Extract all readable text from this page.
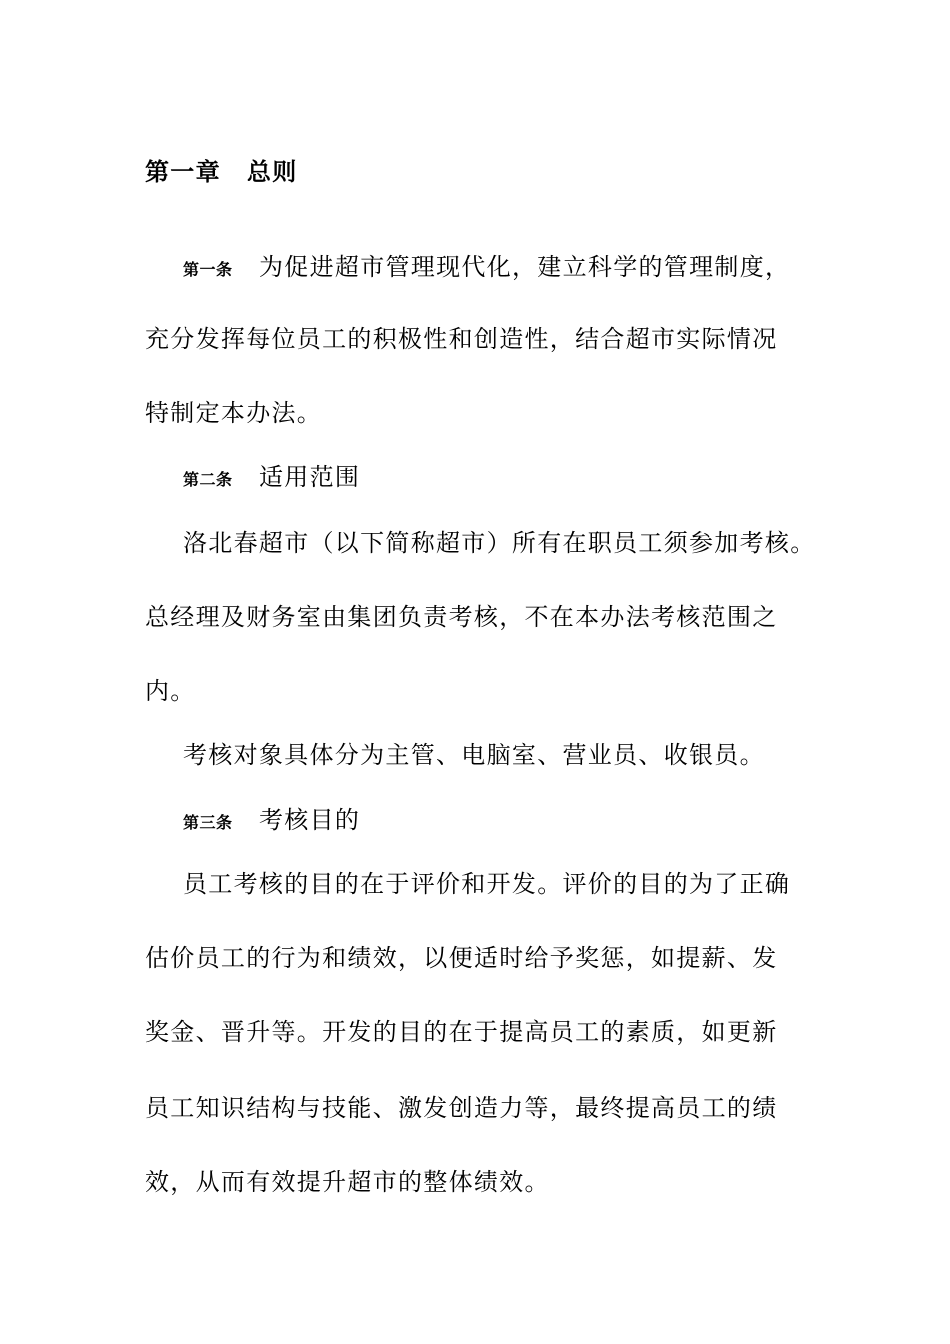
第一章 总则
第一条 为促进超市管理现代化，建立科学的管理制度，
充分发挥每位员工的积极性和创造性，结合超市实际情况
特制定本办法。
第二条 适用范围
洛北春超市（以下简称超市）所有在职员工须参加考核。
总经理及财务室由集团负责考核，不在本办法考核范围之
内。
考核对象具体分为主管、电脑室、营业员、收银员。
第三条 考核目的
员工考核的目的在于评价和开发。评价的目的为了正确
估价员工的行为和绩效，以便适时给予奖惩，如提薪、发
奖金、晋升等。开发的目的在于提高员工的素质，如更新
员工知识结构与技能、激发创造力等，最终提高员工的绩
效，从而有效提升超市的整体绩效。
